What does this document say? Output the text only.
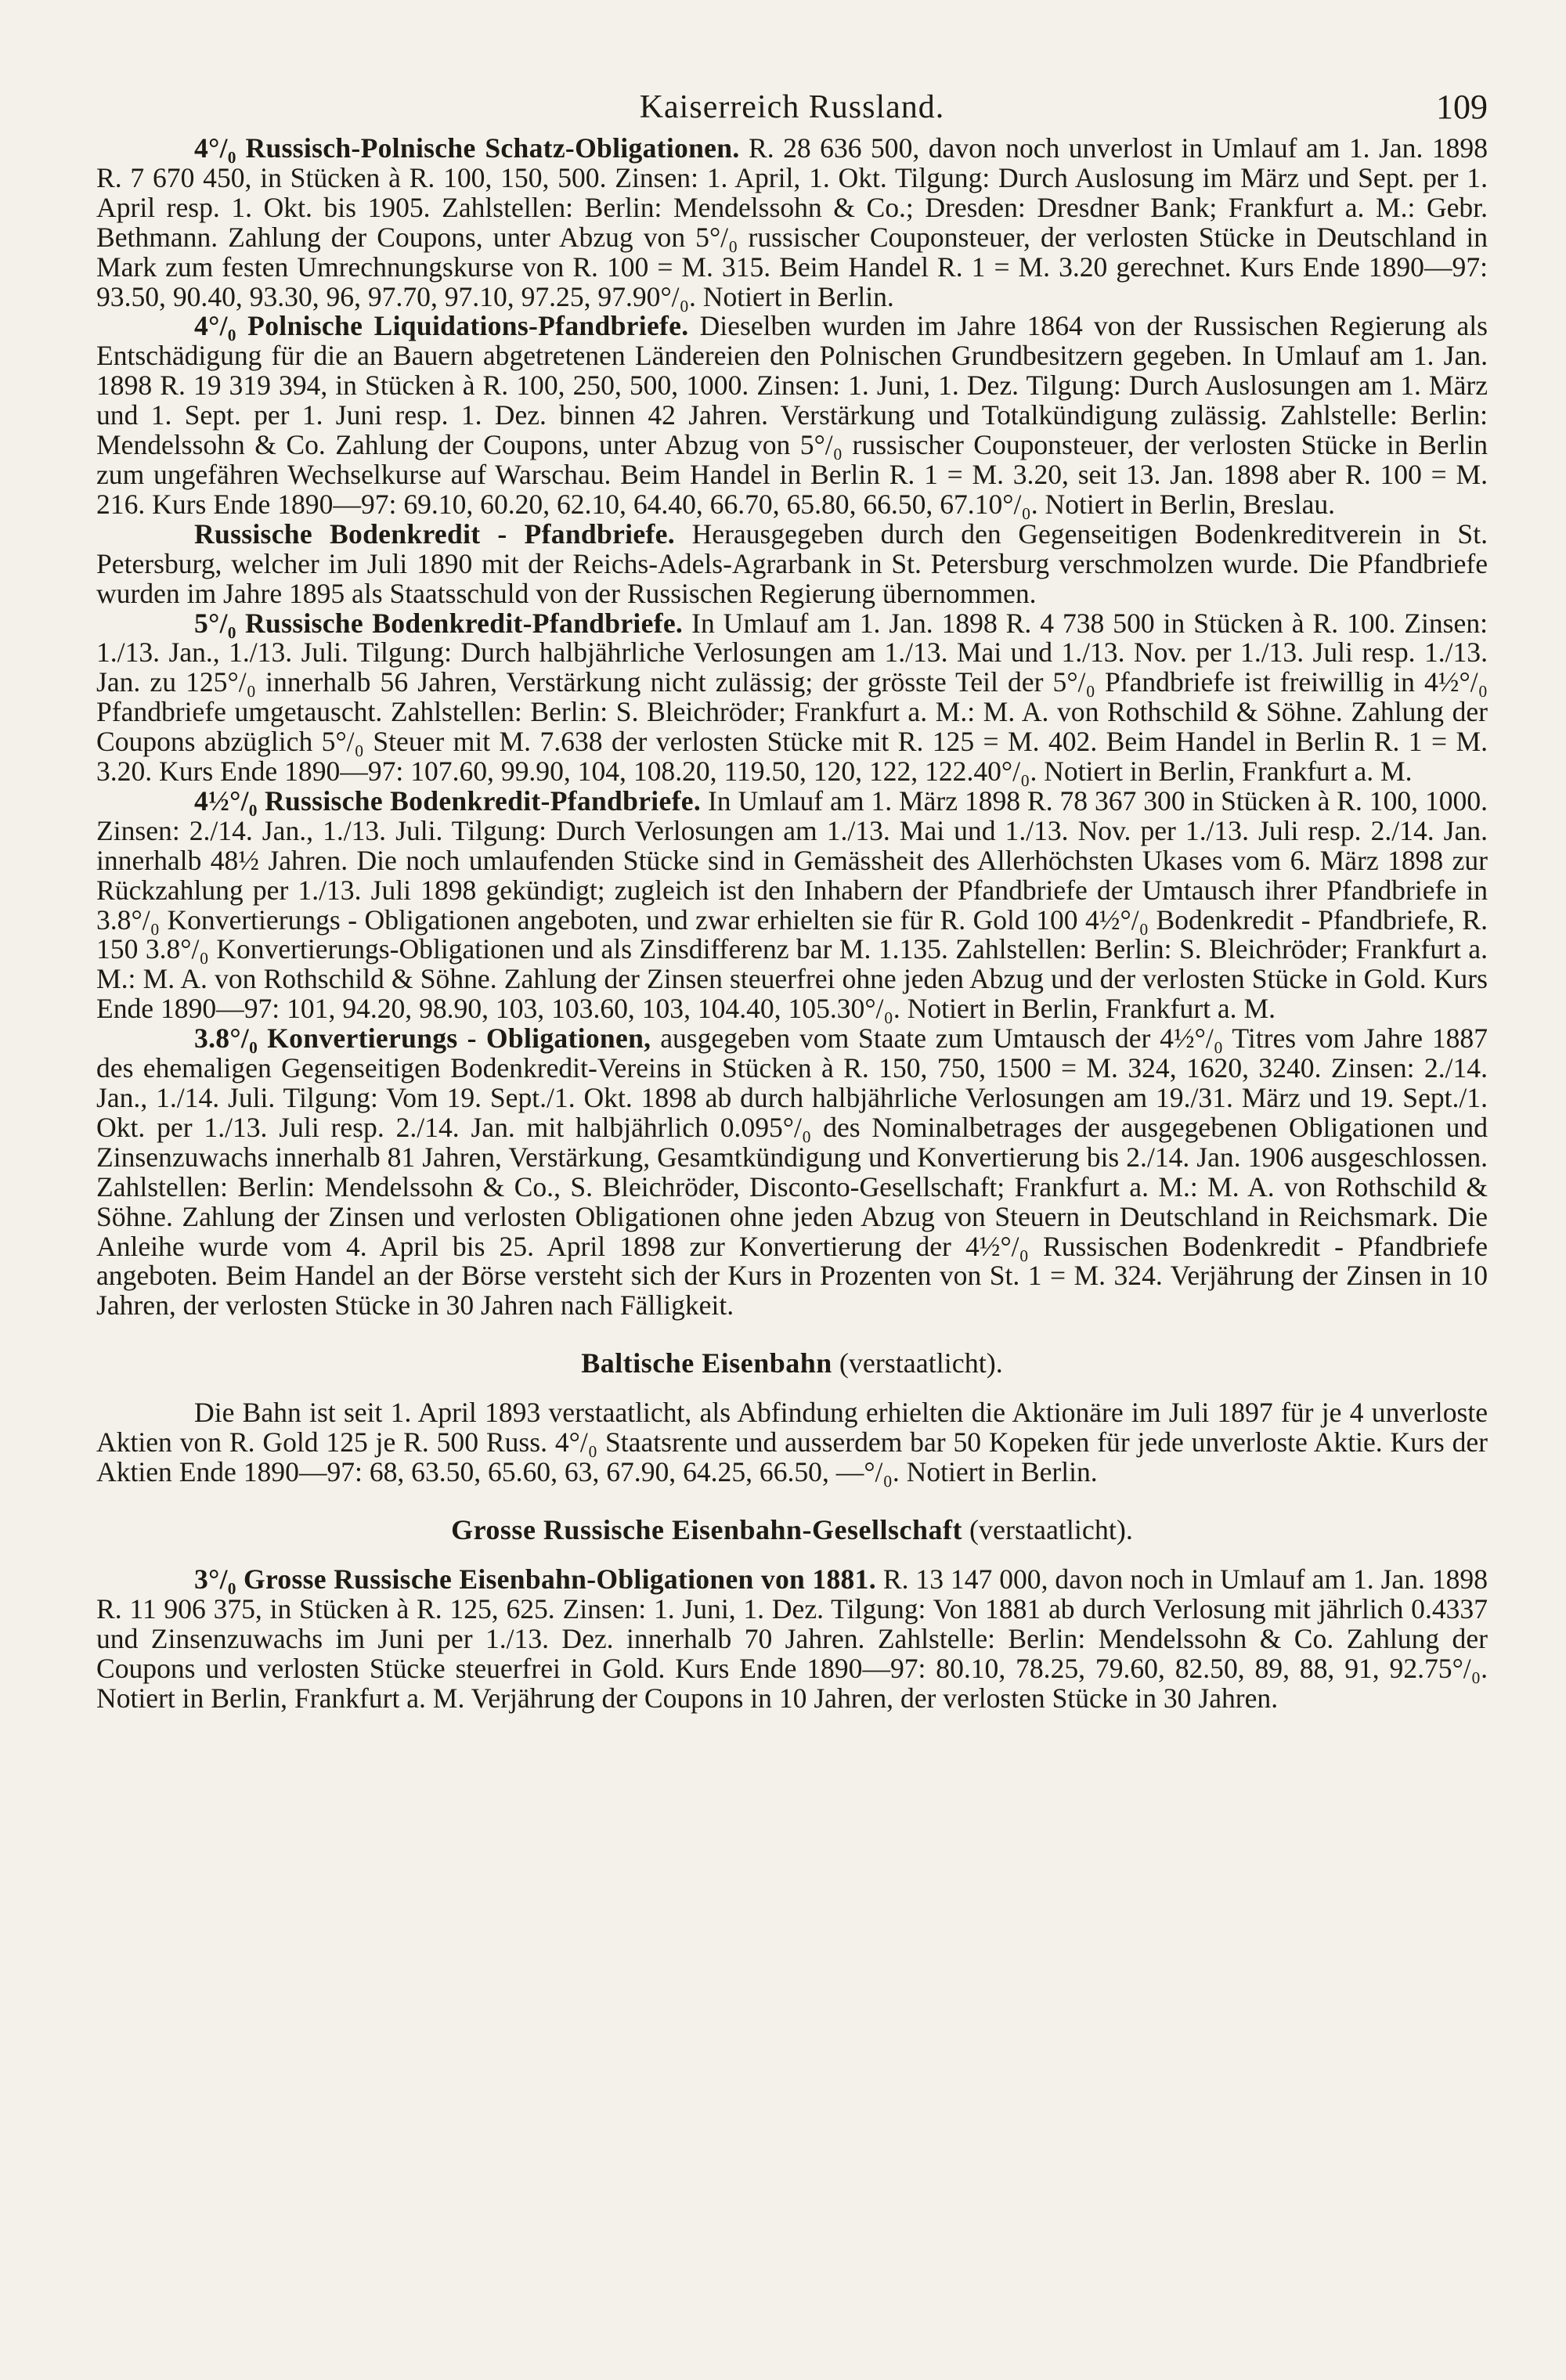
Kaiserreich Russland.	109

4°/₀ Russisch-Polnische Schatz-Obligationen. R. 28 636 500, davon noch unverlost in Umlauf am 1. Jan. 1898 R. 7 670 450, in Stücken à R. 100, 150, 500. Zinsen: 1. April, 1. Okt. Tilgung: Durch Auslosung im März und Sept. per 1. April resp. 1. Okt. bis 1905. Zahlstellen: Berlin: Mendelssohn & Co.; Dresden: Dresdner Bank; Frankfurt a. M.: Gebr. Bethmann. Zahlung der Coupons, unter Abzug von 5°/₀ russischer Couponsteuer, der verlosten Stücke in Deutschland in Mark zum festen Umrechnungskurse von R. 100 = M. 315. Beim Handel R. 1 = M. 3.20 gerechnet. Kurs Ende 1890—97: 93.50, 90.40, 93.30, 96, 97.70, 97.10, 97.25, 97.90°/₀. Notiert in Berlin.

4°/₀ Polnische Liquidations-Pfandbriefe. Dieselben wurden im Jahre 1864 von der Russischen Regierung als Entschädigung für die an Bauern abgetretenen Ländereien den Polnischen Grundbesitzern gegeben. In Umlauf am 1. Jan. 1898 R. 19 319 394, in Stücken à R. 100, 250, 500, 1000. Zinsen: 1. Juni, 1. Dez. Tilgung: Durch Auslosungen am 1. März und 1. Sept. per 1. Juni resp. 1. Dez. binnen 42 Jahren. Verstärkung und Totalkündigung zulässig. Zahlstelle: Berlin: Mendelssohn & Co. Zahlung der Coupons, unter Abzug von 5°/₀ russischer Couponsteuer, der verlosten Stücke in Berlin zum ungefähren Wechselkurse auf Warschau. Beim Handel in Berlin R. 1 = M. 3.20, seit 13. Jan. 1898 aber R. 100 = M. 216. Kurs Ende 1890—97: 69.10, 60.20, 62.10, 64.40, 66.70, 65.80, 66.50, 67.10°/₀. Notiert in Berlin, Breslau.

Russische Bodenkredit - Pfandbriefe. Herausgegeben durch den Gegenseitigen Bodenkreditverein in St. Petersburg, welcher im Juli 1890 mit der Reichs-Adels-Agrarbank in St. Petersburg verschmolzen wurde. Die Pfandbriefe wurden im Jahre 1895 als Staatsschuld von der Russischen Regierung übernommen.

5°/₀ Russische Bodenkredit-Pfandbriefe. In Umlauf am 1. Jan. 1898 R. 4 738 500 in Stücken à R. 100. Zinsen: 1./13. Jan., 1./13. Juli. Tilgung: Durch halbjährliche Verlosungen am 1./13. Mai und 1./13. Nov. per 1./13. Juli resp. 1./13. Jan. zu 125°/₀ innerhalb 56 Jahren, Verstärkung nicht zulässig; der grösste Teil der 5°/₀ Pfandbriefe ist freiwillig in 4½°/₀ Pfandbriefe umgetauscht. Zahlstellen: Berlin: S. Bleichröder; Frankfurt a. M.: M. A. von Rothschild & Söhne. Zahlung der Coupons abzüglich 5°/₀ Steuer mit M. 7.638 der verlosten Stücke mit R. 125 = M. 402. Beim Handel in Berlin R. 1 = M. 3.20. Kurs Ende 1890—97: 107.60, 99.90, 104, 108.20, 119.50, 120, 122, 122.40°/₀. Notiert in Berlin, Frankfurt a. M.

4½°/₀ Russische Bodenkredit-Pfandbriefe. In Umlauf am 1. März 1898 R. 78 367 300 in Stücken à R. 100, 1000. Zinsen: 2./14. Jan., 1./13. Juli. Tilgung: Durch Verlosungen am 1./13. Mai und 1./13. Nov. per 1./13. Juli resp. 2./14. Jan. innerhalb 48½ Jahren. Die noch umlaufenden Stücke sind in Gemässheit des Allerhöchsten Ukases vom 6. März 1898 zur Rückzahlung per 1./13. Juli 1898 gekündigt; zugleich ist den Inhabern der Pfandbriefe der Umtausch ihrer Pfandbriefe in 3.8°/₀ Konvertierungs - Obligationen angeboten, und zwar erhielten sie für R. Gold 100 4½°/₀ Bodenkredit - Pfandbriefe, R. 150 3.8°/₀ Konvertierungs-Obligationen und als Zinsdifferenz bar M. 1.135. Zahlstellen: Berlin: S. Bleichröder; Frankfurt a. M.: M. A. von Rothschild & Söhne. Zahlung der Zinsen steuerfrei ohne jeden Abzug und der verlosten Stücke in Gold. Kurs Ende 1890—97: 101, 94.20, 98.90, 103, 103.60, 103, 104.40, 105.30°/₀. Notiert in Berlin, Frankfurt a. M.

3.8°/₀ Konvertierungs - Obligationen, ausgegeben vom Staate zum Umtausch der 4½°/₀ Titres vom Jahre 1887 des ehemaligen Gegenseitigen Bodenkredit-Vereins in Stücken à R. 150, 750, 1500 = M. 324, 1620, 3240. Zinsen: 2./14. Jan., 1./14. Juli. Tilgung: Vom 19. Sept./1. Okt. 1898 ab durch halbjährliche Verlosungen am 19./31. März und 19. Sept./1. Okt. per 1./13. Juli resp. 2./14. Jan. mit halbjährlich 0.095°/₀ des Nominalbetrages der ausgegebenen Obligationen und Zinsenzuwachs innerhalb 81 Jahren, Verstärkung, Gesamtkündigung und Konvertierung bis 2./14. Jan. 1906 ausgeschlossen. Zahlstellen: Berlin: Mendelssohn & Co., S. Bleichröder, Disconto-Gesellschaft; Frankfurt a. M.: M. A. von Rothschild & Söhne. Zahlung der Zinsen und verlosten Obligationen ohne jeden Abzug von Steuern in Deutschland in Reichsmark. Die Anleihe wurde vom 4. April bis 25. April 1898 zur Konvertierung der 4½°/₀ Russischen Bodenkredit - Pfandbriefe angeboten. Beim Handel an der Börse versteht sich der Kurs in Prozenten von St. 1 = M. 324. Verjährung der Zinsen in 10 Jahren, der verlosten Stücke in 30 Jahren nach Fälligkeit.

Baltische Eisenbahn (verstaatlicht).

Die Bahn ist seit 1. April 1893 verstaatlicht, als Abfindung erhielten die Aktionäre im Juli 1897 für je 4 unverloste Aktien von R. Gold 125 je R. 500 Russ. 4°/₀ Staatsrente und ausserdem bar 50 Kopeken für jede unverloste Aktie. Kurs der Aktien Ende 1890—97: 68, 63.50, 65.60, 63, 67.90, 64.25, 66.50, —°/₀. Notiert in Berlin.

Grosse Russische Eisenbahn-Gesellschaft (verstaatlicht).

3°/₀ Grosse Russische Eisenbahn-Obligationen von 1881. R. 13 147 000, davon noch in Umlauf am 1. Jan. 1898 R. 11 906 375, in Stücken à R. 125, 625. Zinsen: 1. Juni, 1. Dez. Tilgung: Von 1881 ab durch Verlosung mit jährlich 0.4337 und Zinsenzuwachs im Juni per 1./13. Dez. innerhalb 70 Jahren. Zahlstelle: Berlin: Mendelssohn & Co. Zahlung der Coupons und verlosten Stücke steuerfrei in Gold. Kurs Ende 1890—97: 80.10, 78.25, 79.60, 82.50, 89, 88, 91, 92.75°/₀. Notiert in Berlin, Frankfurt a. M. Verjährung der Coupons in 10 Jahren, der verlosten Stücke in 30 Jahren.
